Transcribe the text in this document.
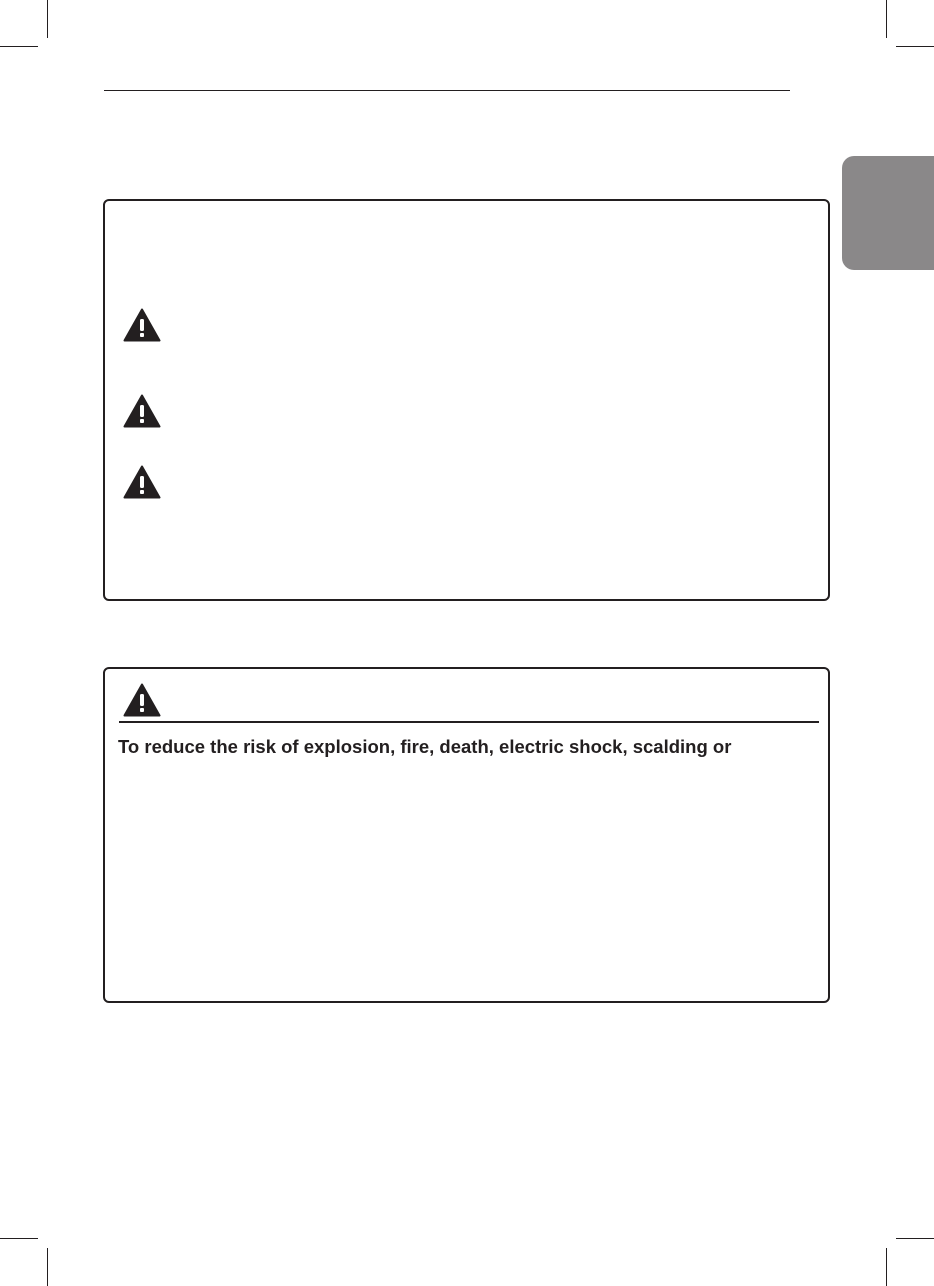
To reduce the risk of explosion, fire, death, electric shock, scalding or
